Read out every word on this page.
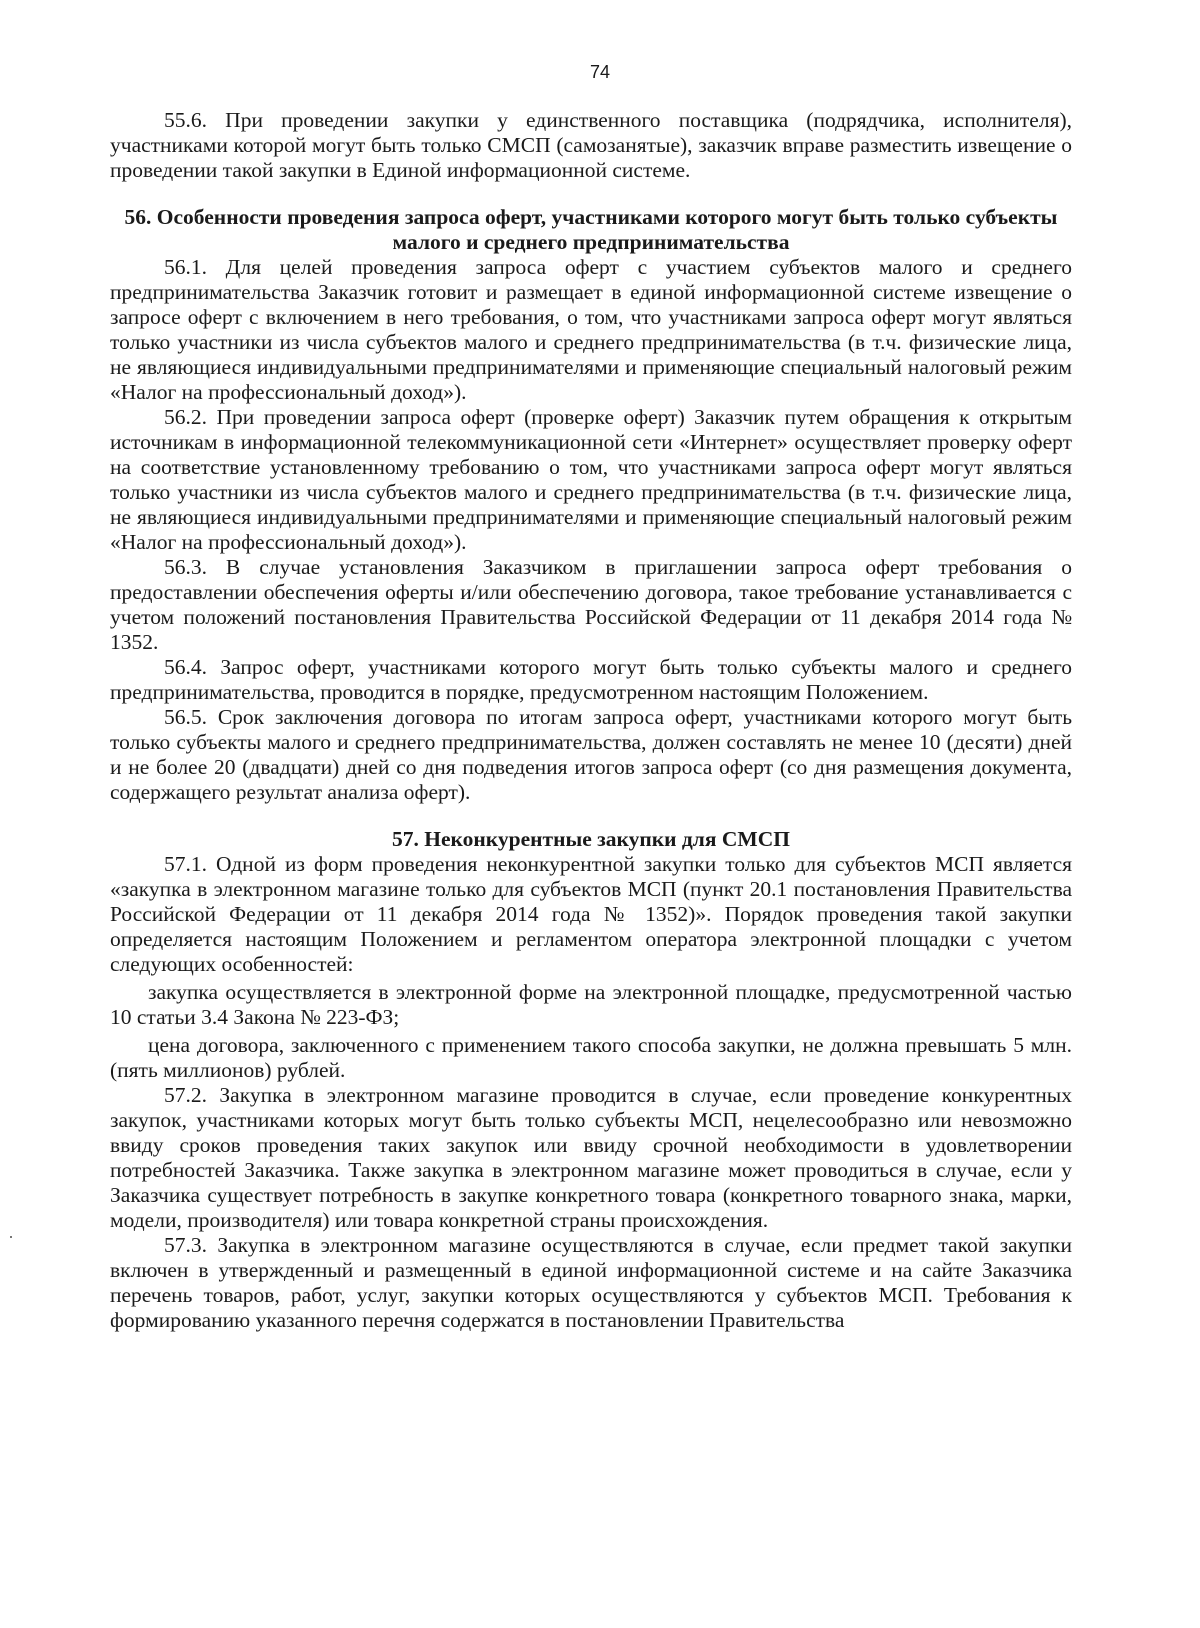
74

55.6. При проведении закупки у единственного поставщика (подрядчика, исполнителя), участниками которой могут быть только СМСП (самозанятые), заказчик вправе разместить извещение о проведении такой закупки в Единой информационной системе.

56. Особенности проведения запроса оферт, участниками которого могут быть только субъекты малого и среднего предпринимательства

56.1. Для целей проведения запроса оферт с участием субъектов малого и среднего предпринимательства Заказчик готовит и размещает в единой информационной системе извещение о запросе оферт с включением в него требования, о том, что участниками запроса оферт могут являться только участники из числа субъектов малого и среднего предпринимательства (в т.ч. физические лица, не являющиеся индивидуальными предпринимателями и применяющие специальный налоговый режим «Налог на профессиональный доход»).

56.2. При проведении запроса оферт (проверке оферт) Заказчик путем обращения к открытым источникам в информационной телекоммуникационной сети «Интернет» осуществляет проверку оферт на соответствие установленному требованию о том, что участниками запроса оферт могут являться только участники из числа субъектов малого и среднего предпринимательства (в т.ч. физические лица, не являющиеся индивидуальными предпринимателями и применяющие специальный налоговый режим «Налог на профессиональный доход»).

56.3. В случае установления Заказчиком в приглашении запроса оферт требования о предоставлении обеспечения оферты и/или обеспечению договора, такое требование устанавливается с учетом положений постановления Правительства Российской Федерации от 11 декабря 2014 года № 1352.

56.4. Запрос оферт, участниками которого могут быть только субъекты малого и среднего предпринимательства, проводится в порядке, предусмотренном настоящим Положением.

56.5. Срок заключения договора по итогам запроса оферт, участниками которого могут быть только субъекты малого и среднего предпринимательства, должен составлять не менее 10 (десяти) дней и не более 20 (двадцати) дней со дня подведения итогов запроса оферт (со дня размещения документа, содержащего результат анализа оферт).

57. Неконкурентные закупки для СМСП

57.1. Одной из форм проведения неконкурентной закупки только для субъектов МСП является «закупка в электронном магазине только для субъектов МСП (пункт 20.1 постановления Правительства Российской Федерации от 11 декабря 2014 года № 1352)». Порядок проведения такой закупки определяется настоящим Положением и регламентом оператора электронной площадки с учетом следующих особенностей:

закупка осуществляется в электронной форме на электронной площадке, предусмотренной частью 10 статьи 3.4 Закона № 223-ФЗ;

цена договора, заключенного с применением такого способа закупки, не должна превышать 5 млн. (пять миллионов) рублей.

57.2. Закупка в электронном магазине проводится в случае, если проведение конкурентных закупок, участниками которых могут быть только субъекты МСП, нецелесообразно или невозможно ввиду сроков проведения таких закупок или ввиду срочной необходимости в удовлетворении потребностей Заказчика. Также закупка в электронном магазине может проводиться в случае, если у Заказчика существует потребность в закупке конкретного товара (конкретного товарного знака, марки, модели, производителя) или товара конкретной страны происхождения.

57.3. Закупка в электронном магазине осуществляются в случае, если предмет такой закупки включен в утвержденный и размещенный в единой информационной системе и на сайте Заказчика перечень товаров, работ, услуг, закупки которых осуществляются у субъектов МСП. Требования к формированию указанного перечня содержатся в постановлении Правительства
